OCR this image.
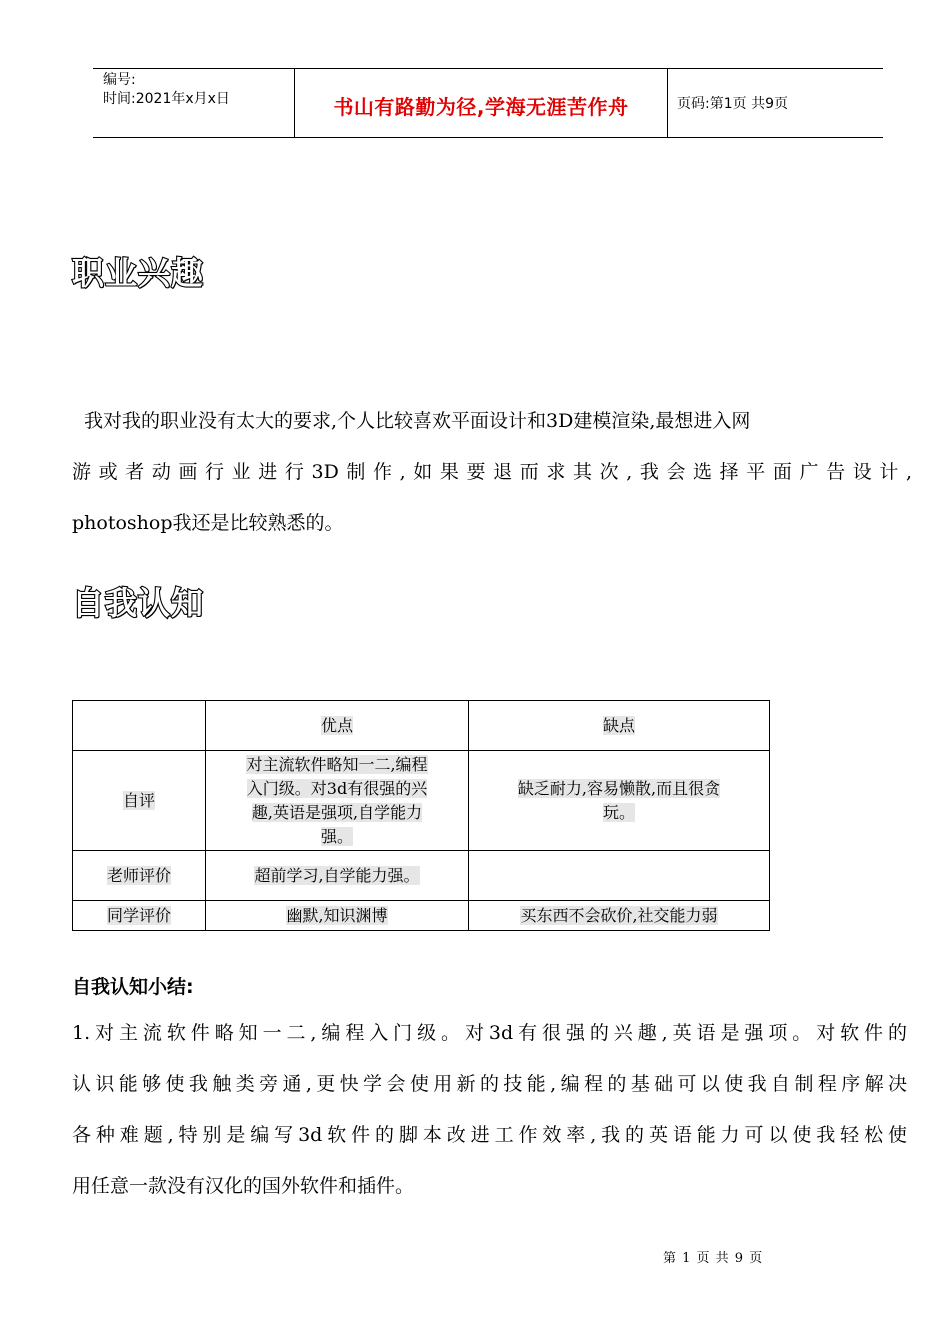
编号:
时间:2021年x月x日	书山有路勤为径,学海无涯苦作舟	页码:第1页 共9页
职业兴趣
我对我的职业没有太大的要求,个人比较喜欢平面设计和3D建模渲染,最想进入网
游或者动画行业进行3D制作,如果要退而求其次,我会选择平面广告设计,
photoshop我还是比较熟悉的。
自我认知
	优点	缺点
自评	对主流软件略知一二,编程
入门级。对3d有很强的兴
趣,英语是强项,自学能力
强。	缺乏耐力,容易懒散,而且很贪
玩。
老师评价	超前学习,自学能力强。	
同学评价	幽默,知识渊博	买东西不会砍价,社交能力弱
自我认知小结:
1.对主流软件略知一二,编程入门级。对3d有很强的兴趣,英语是强项。对软件的
认识能够使我触类旁通,更快学会使用新的技能,编程的基础可以使我自制程序解决
各种难题,特别是编写3d软件的脚本改进工作效率,我的英语能力可以使我轻松使
用任意一款没有汉化的国外软件和插件。
第 1 页 共 9 页
